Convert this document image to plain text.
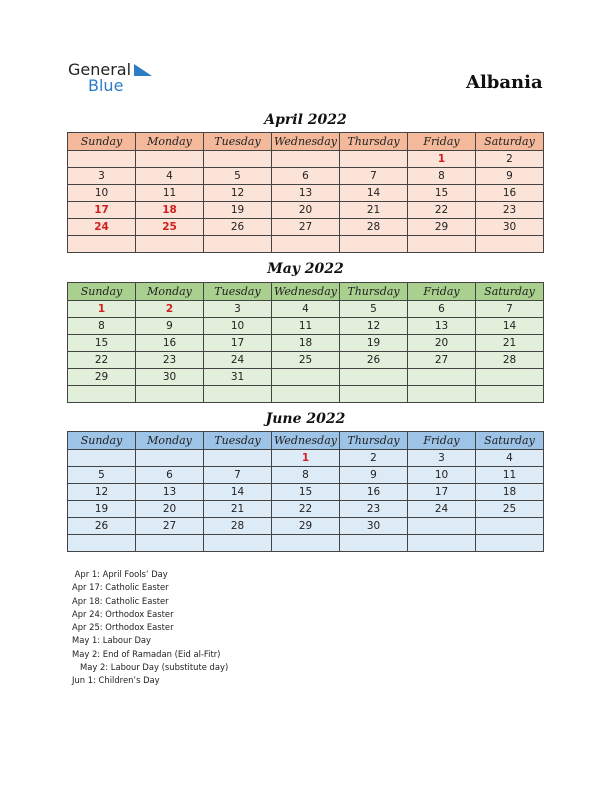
General
Blue	Albania
April 2022
Sunday	Monday	Tuesday	Wednesday	Thursday	Friday	Saturday
					1	2
3	4	5	6	7	8	9
10	11	12	13	14	15	16
17	18	19	20	21	22	23
24	25	26	27	28	29	30

May 2022
Sunday	Monday	Tuesday	Wednesday	Thursday	Friday	Saturday
1	2	3	4	5	6	7
8	9	10	11	12	13	14
15	16	17	18	19	20	21
22	23	24	25	26	27	28
29	30	31				

June 2022
Sunday	Monday	Tuesday	Wednesday	Thursday	Friday	Saturday
			1	2	3	4
5	6	7	8	9	10	11
12	13	14	15	16	17	18
19	20	21	22	23	24	25
26	27	28	29	30		

Apr 1: April Fools’ Day
Apr 17: Catholic Easter
Apr 18: Catholic Easter
Apr 24: Orthodox Easter
Apr 25: Orthodox Easter
May 1: Labour Day
May 2: End of Ramadan (Eid al-Fitr)
May 2: Labour Day (substitute day)
Jun 1: Children’s Day
